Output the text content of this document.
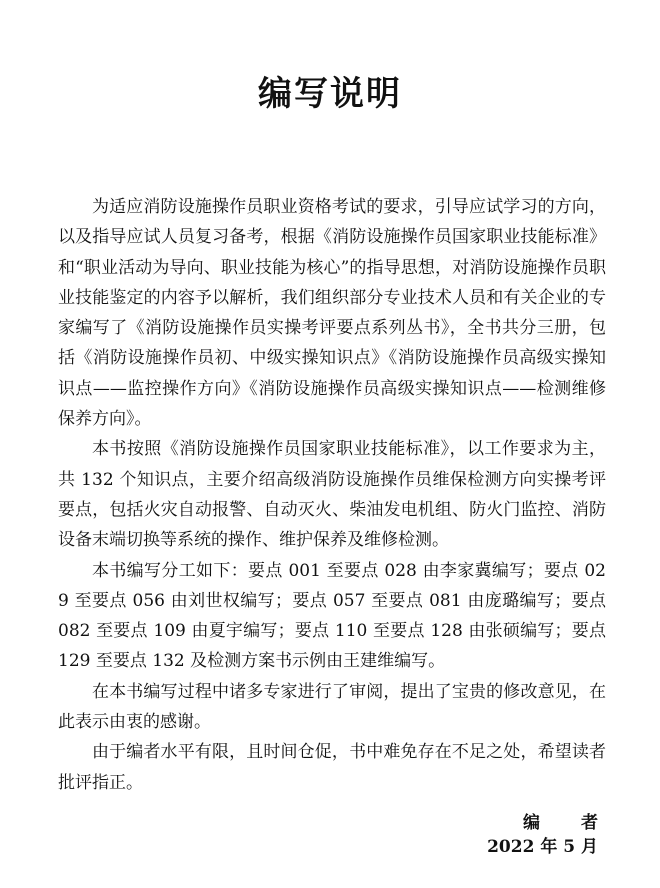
编写说明

为适应消防设施操作员职业资格考试的要求，引导应试学习的方向，以及指导应试人员复习备考，根据《消防设施操作员国家职业技能标准》和“职业活动为导向、职业技能为核心”的指导思想，对消防设施操作员职业技能鉴定的内容予以解析，我们组织部分专业技术人员和有关企业的专家编写了《消防设施操作员实操考评要点系列丛书》，全书共分三册，包括《消防设施操作员初、中级实操知识点》《消防设施操作员高级实操知识点——监控操作方向》《消防设施操作员高级实操知识点——检测维修保养方向》。

本书按照《消防设施操作员国家职业技能标准》，以工作要求为主，共 132 个知识点，主要介绍高级消防设施操作员维保检测方向实操考评要点，包括火灾自动报警、自动灭火、柴油发电机组、防火门监控、消防设备末端切换等系统的操作、维护保养及维修检测。

本书编写分工如下：要点 001 至要点 028 由李家冀编写；要点 029 至要点 056 由刘世权编写；要点 057 至要点 081 由庞璐编写；要点 082 至要点 109 由夏宇编写；要点 110 至要点 128 由张硕编写；要点 129 至要点 132 及检测方案书示例由王建维编写。

在本书编写过程中诸多专家进行了审阅，提出了宝贵的修改意见，在此表示由衷的感谢。

由于编者水平有限，且时间仓促，书中难免存在不足之处，希望读者批评指正。

编　者

2022 年 5 月
